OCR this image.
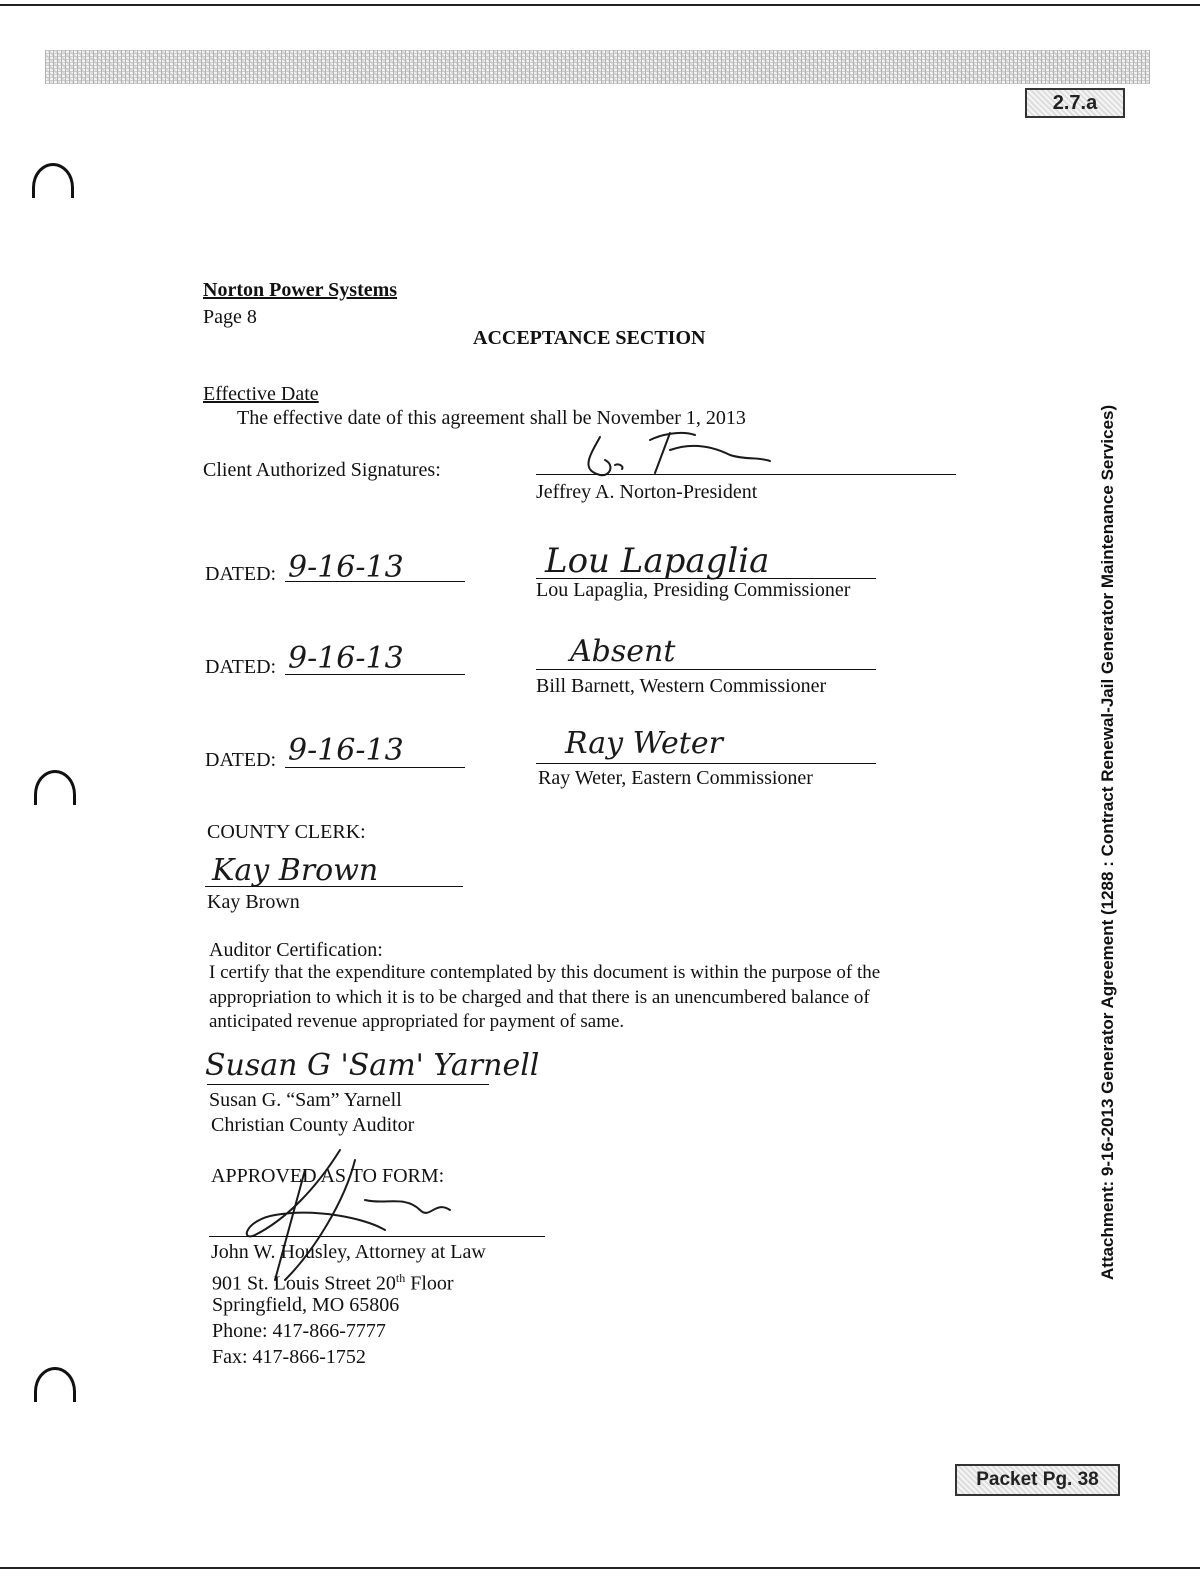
2.7.a
Norton Power Systems
Page 8
ACCEPTANCE SECTION
Effective Date
The effective date of this agreement shall be November 1, 2013
Client Authorized Signatures:
Jeffrey A. Norton-President
DATED: 9-16-13	Lou Lapaglia
Lou Lapaglia, Presiding Commissioner
DATED: 9-16-13	Absent
Bill Barnett, Western Commissioner
DATED: 9-16-13	Ray Weter
Ray Weter, Eastern Commissioner
COUNTY CLERK:
Kay Brown
Kay Brown
Auditor Certification:
I certify that the expenditure contemplated by this document is within the purpose of the
appropriation to which it is to be charged and that there is an unencumbered balance of
anticipated revenue appropriated for payment of same.
Susan G 'Sam' Yarnell
Susan G. “Sam” Yarnell
Christian County Auditor
APPROVED AS TO FORM:
John W. Housley, Attorney at Law
901 St. Louis Street 20th Floor
Springfield, MO 65806
Phone: 417-866-7777
Fax: 417-866-1752
Attachment: 9-16-2013 Generator Agreement (1288 : Contract Renewal-Jail Generator Maintenance Services)
Packet Pg. 38
